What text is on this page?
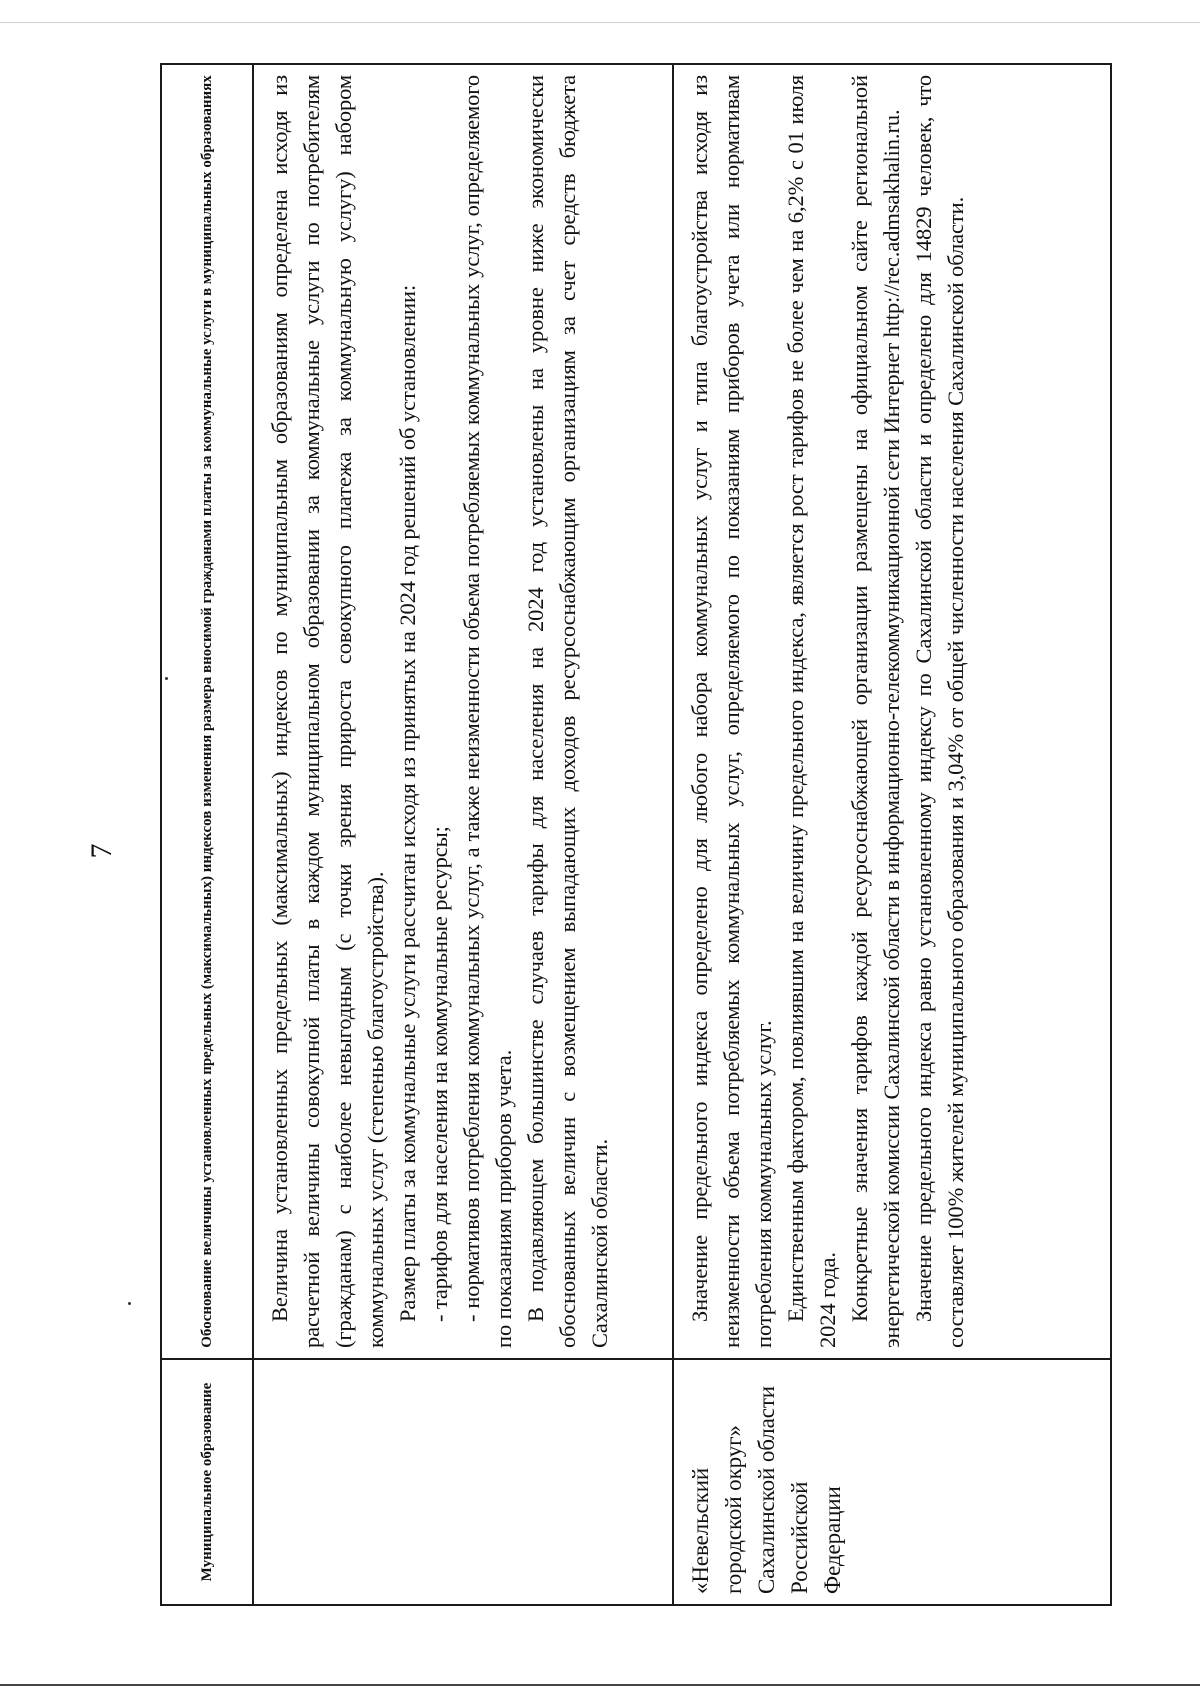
7
Муниципальное образование	Обоснование величины установленных предельных (максимальных) индексов изменения размера вносимой гражданами платы за коммунальные услуги в муниципальных образованиях

	Величина установленных предельных (максимальных) индексов по муниципальным образованиям определена исходя из расчетной величины совокупной платы в каждом муниципальном образовании за коммунальные услуги по потребителям (гражданам) с наиболее невыгодным (с точки зрения прироста совокупного платежа за коммунальную услугу) набором коммунальных услуг (степенью благоустройства). Размер платы за коммунальные услуги рассчитан исходя из принятых на 2024 год решений об установлении: - тарифов для населения на коммунальные ресурсы; - нормативов потребления коммунальных услуг, а также неизменности объема потребляемых коммунальных услуг, определяемого по показаниям приборов учета. В подавляющем большинстве случаев тарифы для населения на 2024 год установлены на уровне ниже экономически обоснованных величин с возмещением выпадающих доходов ресурсоснабжающим организациям за счет средств бюджета Сахалинской области.

«Невельский городской округ» Сахалинской области Российской Федерации	Значение предельного индекса определено для любого набора коммунальных услуг и типа благоустройства исходя из неизменности объема потребляемых коммунальных услуг, определяемого по показаниям приборов учета или нормативам потребления коммунальных услуг. Единственным фактором, повлиявшим на величину предельного индекса, является рост тарифов не более чем на 6,2% с 01 июля 2024 года. Конкретные значения тарифов каждой ресурсоснабжающей организации размещены на официальном сайте региональной энергетической комиссии Сахалинской области в информационно-телекоммуникационной сети Интернет http://rec.admsakhalin.ru. Значение предельного индекса равно установленному индексу по Сахалинской области и определено для 14829 человек, что составляет 100% жителей муниципального образования и 3,04% от общей численности населения Сахалинской области.
